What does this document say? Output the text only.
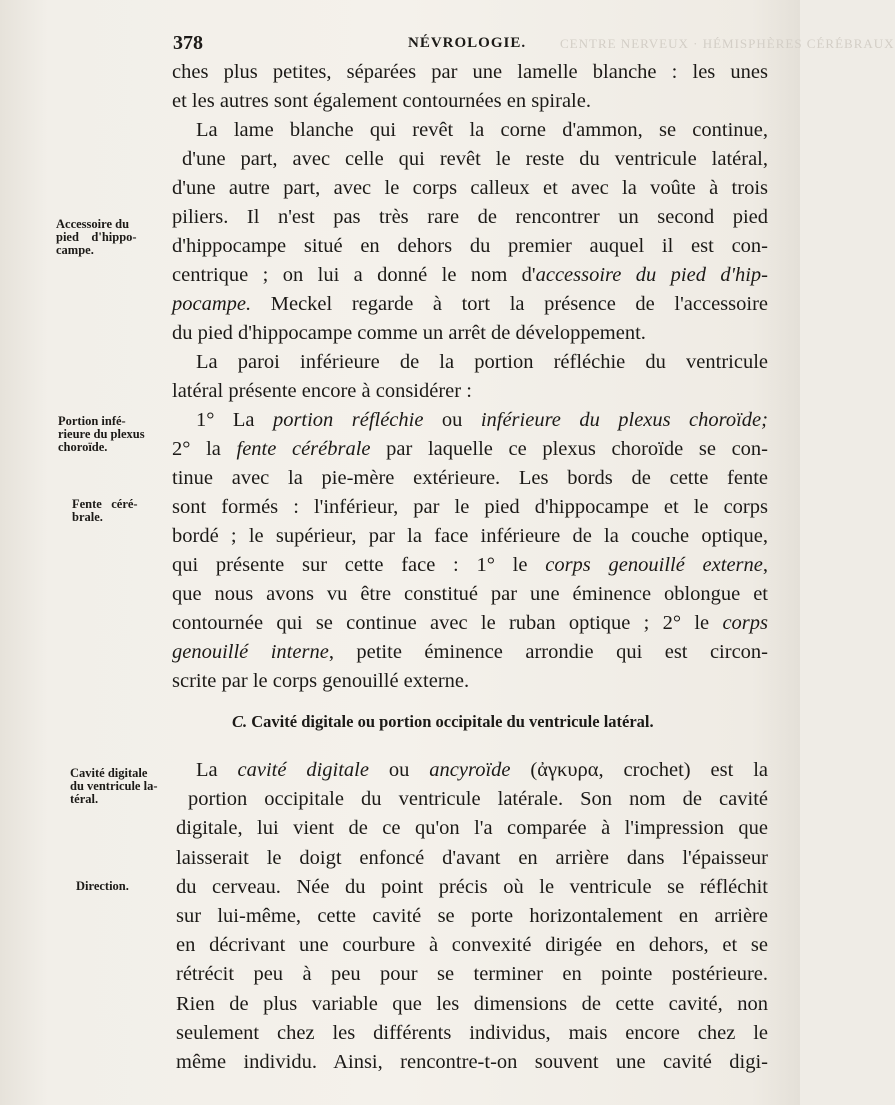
CENTRE NERVEUX · HÉMISPHÈRES CÉRÉBRAUX
378	NÉVROLOGIE.
Accessoire du
pied    d'hippo-
campe.
Portion infé-
rieure du plexus
choroïde.
Fente   céré-
brale.
Cavité digitale
du ventricule la-
téral.
Direction.
ches plus petites, séparées par une lamelle blanche : les unes
et les autres sont également contournées en spirale.
La lame blanche qui revêt la corne d'ammon, se continue,
d'une part, avec celle qui revêt le reste du ventricule latéral,
d'une autre part, avec le corps calleux et avec la voûte à trois
piliers. Il n'est pas très rare de rencontrer un second pied
d'hippocampe situé en dehors du premier auquel il est con-
centrique ; on lui a donné le nom d'accessoire du pied d'hip-
pocampe. Meckel regarde à tort la présence de l'accessoire
du pied d'hippocampe comme un arrêt de développement.
La paroi inférieure de la portion réfléchie du ventricule
latéral présente encore à considérer :
1° La portion réfléchie ou inférieure du plexus choroïde;
2° la fente cérébrale par laquelle ce plexus choroïde se con-
tinue avec la pie-mère extérieure. Les bords de cette fente
sont formés : l'inférieur, par le pied d'hippocampe et le corps
bordé ; le supérieur, par la face inférieure de la couche optique,
qui présente sur cette face : 1° le corps genouillé externe,
que nous avons vu être constitué par une éminence oblongue et
contournée qui se continue avec le ruban optique ; 2° le corps
genouillé interne, petite éminence arrondie qui est circon-
scrite par le corps genouillé externe.
C. Cavité digitale ou portion occipitale du ventricule latéral.
La cavité digitale ou ancyroïde (ἀγκυρα, crochet) est la
portion occipitale du ventricule latérale. Son nom de cavité
digitale, lui vient de ce qu'on l'a comparée à l'impression que
laisserait le doigt enfoncé d'avant en arrière dans l'épaisseur
du cerveau. Née du point précis où le ventricule se réfléchit
sur lui-même, cette cavité se porte horizontalement en arrière
en décrivant une courbure à convexité dirigée en dehors, et se
rétrécit peu à peu pour se terminer en pointe postérieure.
Rien de plus variable que les dimensions de cette cavité, non
seulement chez les différents individus, mais encore chez le
même individu. Ainsi, rencontre-t-on souvent une cavité digi-
